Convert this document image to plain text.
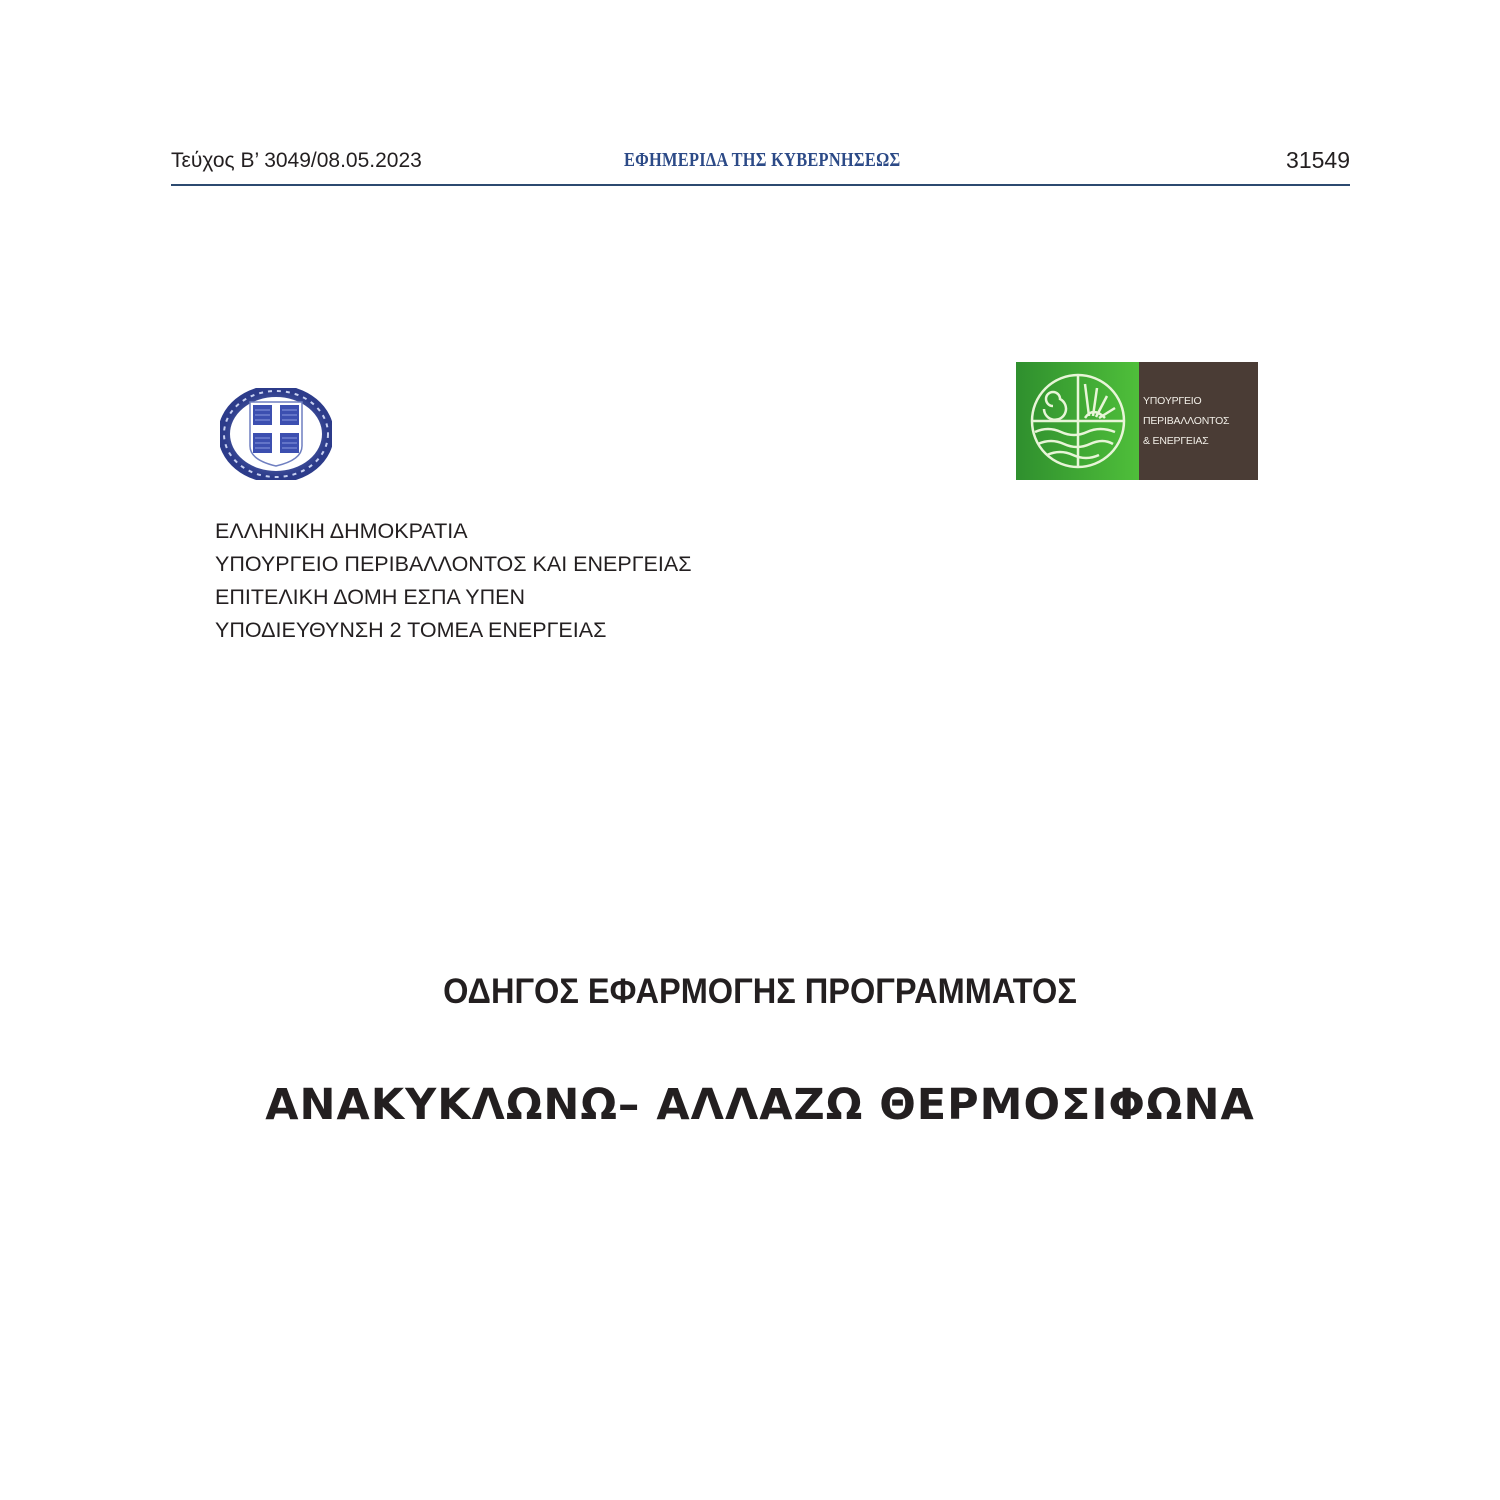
Τεύχος Β’ 3049/08.05.2023	ΕΦΗΜΕΡΙΔΑ ΤΗΣ ΚΥΒΕΡΝΗΣΕΩΣ	31549
ΥΠΟΥΡΓΕΙΟ
ΠΕΡΙΒΑΛΛΟΝΤΟΣ
& ΕΝΕΡΓΕΙΑΣ
ΕΛΛΗΝΙΚΗ ΔΗΜΟΚΡΑΤΙΑ
ΥΠΟΥΡΓΕΙΟ ΠΕΡΙΒΑΛΛΟΝΤΟΣ ΚΑΙ ΕΝΕΡΓΕΙΑΣ
ΕΠΙΤΕΛΙΚΗ ΔΟΜΗ ΕΣΠΑ ΥΠΕΝ
ΥΠΟΔΙΕΥΘΥΝΣΗ 2 ΤΟΜΕΑ ΕΝΕΡΓΕΙΑΣ
ΟΔΗΓΟΣ ΕΦΑΡΜΟΓΗΣ ΠΡΟΓΡΑΜΜΑΤΟΣ
ΑΝΑΚΥΚΛΩΝΩ– ΑΛΛΑΖΩ ΘΕΡΜΟΣΙΦΩΝΑ
